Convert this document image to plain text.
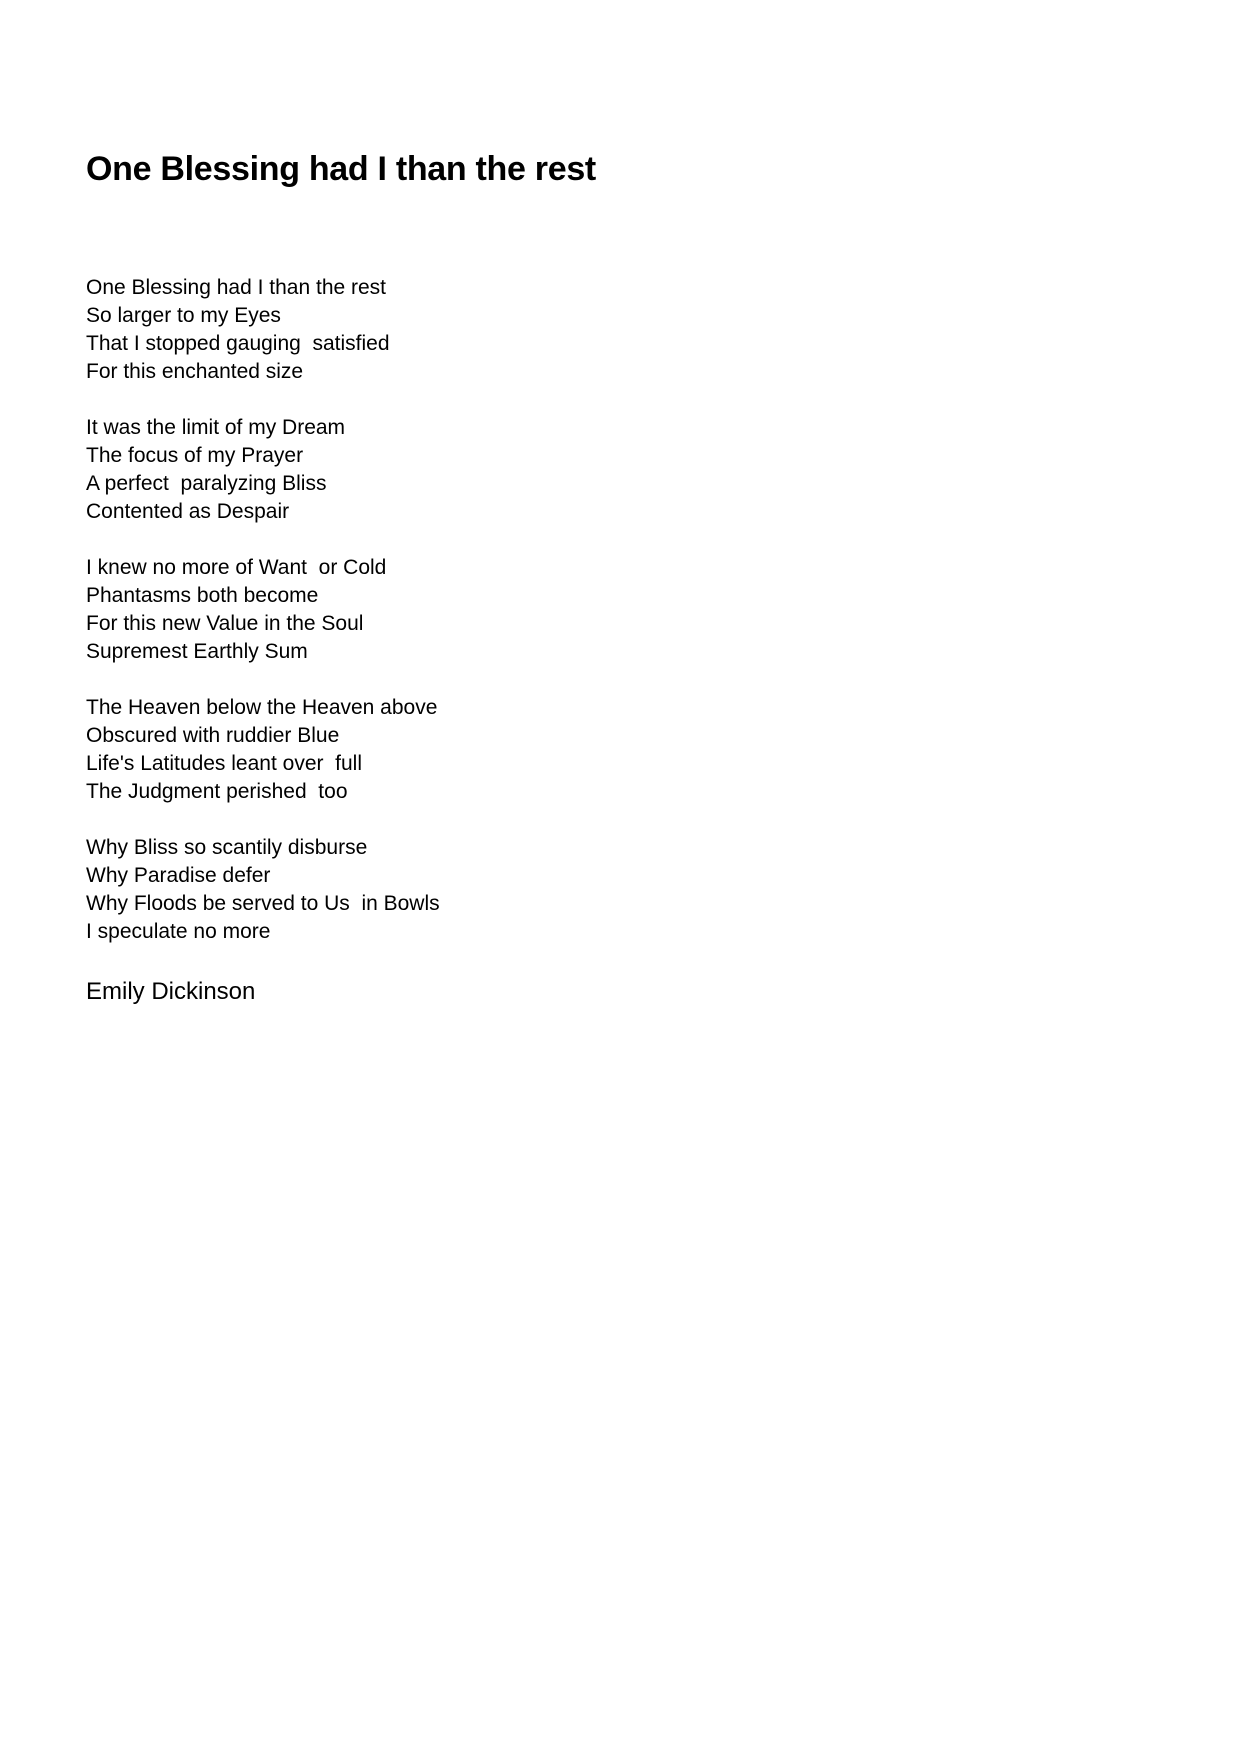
One Blessing had I than the rest
One Blessing had I than the rest
So larger to my Eyes
That I stopped gauging  satisfied
For this enchanted size
It was the limit of my Dream
The focus of my Prayer
A perfect  paralyzing Bliss
Contented as Despair
I knew no more of Want  or Cold
Phantasms both become
For this new Value in the Soul
Supremest Earthly Sum
The Heaven below the Heaven above
Obscured with ruddier Blue
Life's Latitudes leant over  full
The Judgment perished  too
Why Bliss so scantily disburse
Why Paradise defer
Why Floods be served to Us  in Bowls
I speculate no more

Emily Dickinson
